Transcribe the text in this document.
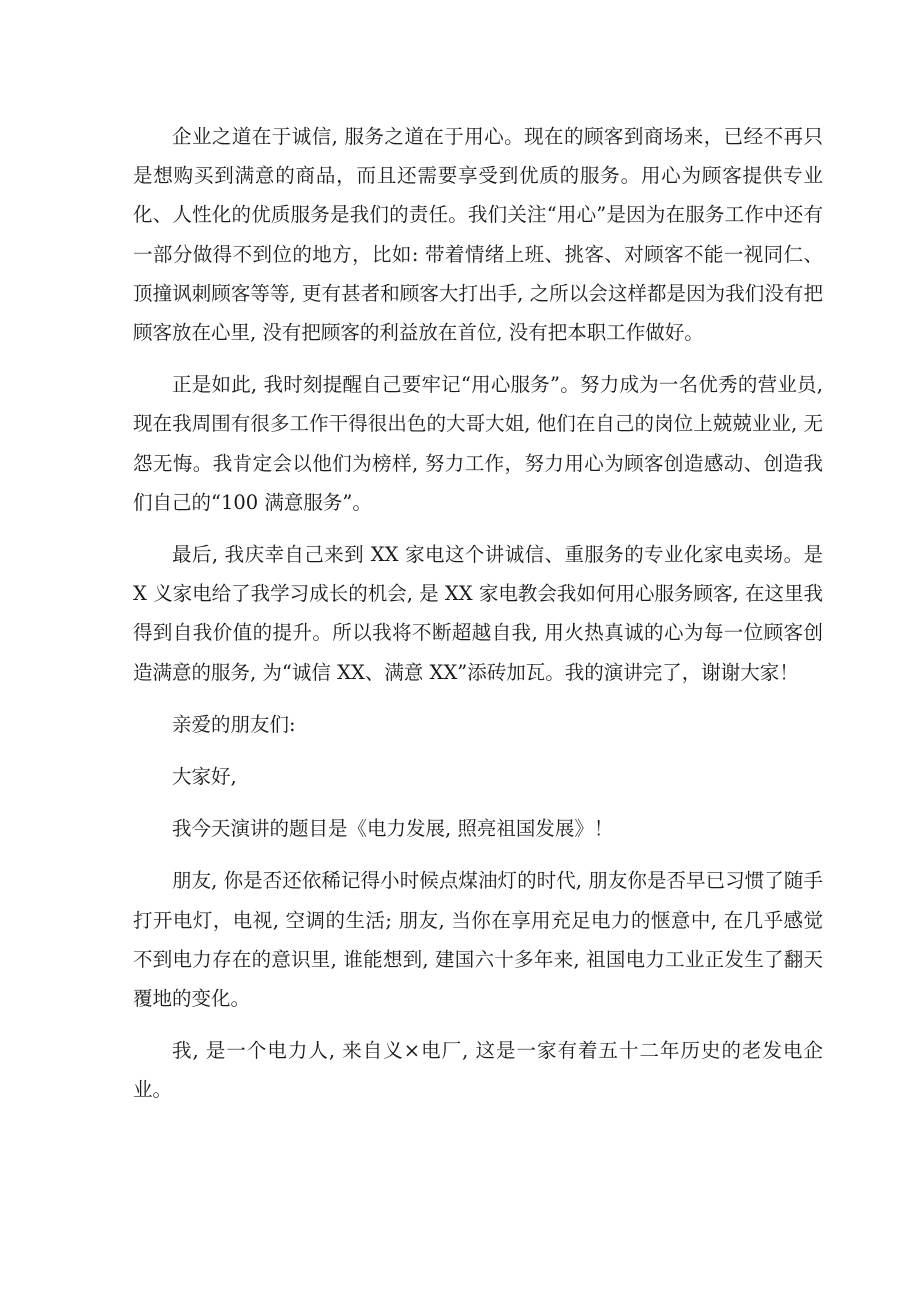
企业之道在于诚信, 服务之道在于用心。现在的顾客到商场来，已经不再只是想购买到满意的商品，而且还需要享受到优质的服务。用心为顾客提供专业化、人性化的优质服务是我们的责任。我们关注“用心”是因为在服务工作中还有一部分做得不到位的地方，比如: 带着情绪上班、挑客、对顾客不能一视同仁、顶撞讽刺顾客等等, 更有甚者和顾客大打出手, 之所以会这样都是因为我们没有把顾客放在心里, 没有把顾客的利益放在首位, 没有把本职工作做好。

正是如此, 我时刻提醒自己要牢记“用心服务”。努力成为一名优秀的营业员, 现在我周围有很多工作干得很出色的大哥大姐, 他们在自己的岗位上兢兢业业, 无怨无悔。我肯定会以他们为榜样, 努力工作，努力用心为顾客创造感动、创造我们自己的“100 满意服务”。

最后, 我庆幸自己来到 XX 家电这个讲诚信、重服务的专业化家电卖场。是 X 义家电给了我学习成长的机会, 是 XX 家电教会我如何用心服务顾客, 在这里我得到自我价值的提升。所以我将不断超越自我, 用火热真诚的心为每一位顾客创造满意的服务, 为“诚信 XX、满意 XX”添砖加瓦。我的演讲完了，谢谢大家！

亲爱的朋友们:

大家好,

我今天演讲的题目是《电力发展, 照亮祖国发展》！

朋友, 你是否还依稀记得小时候点煤油灯的时代, 朋友你是否早已习惯了随手打开电灯，电视, 空调的生活; 朋友, 当你在享用充足电力的惬意中, 在几乎感觉不到电力存在的意识里, 谁能想到, 建国六十多年来, 祖国电力工业正发生了翻天覆地的变化。

我, 是一个电力人, 来自义×电厂, 这是一家有着五十二年历史的老发电企业。
